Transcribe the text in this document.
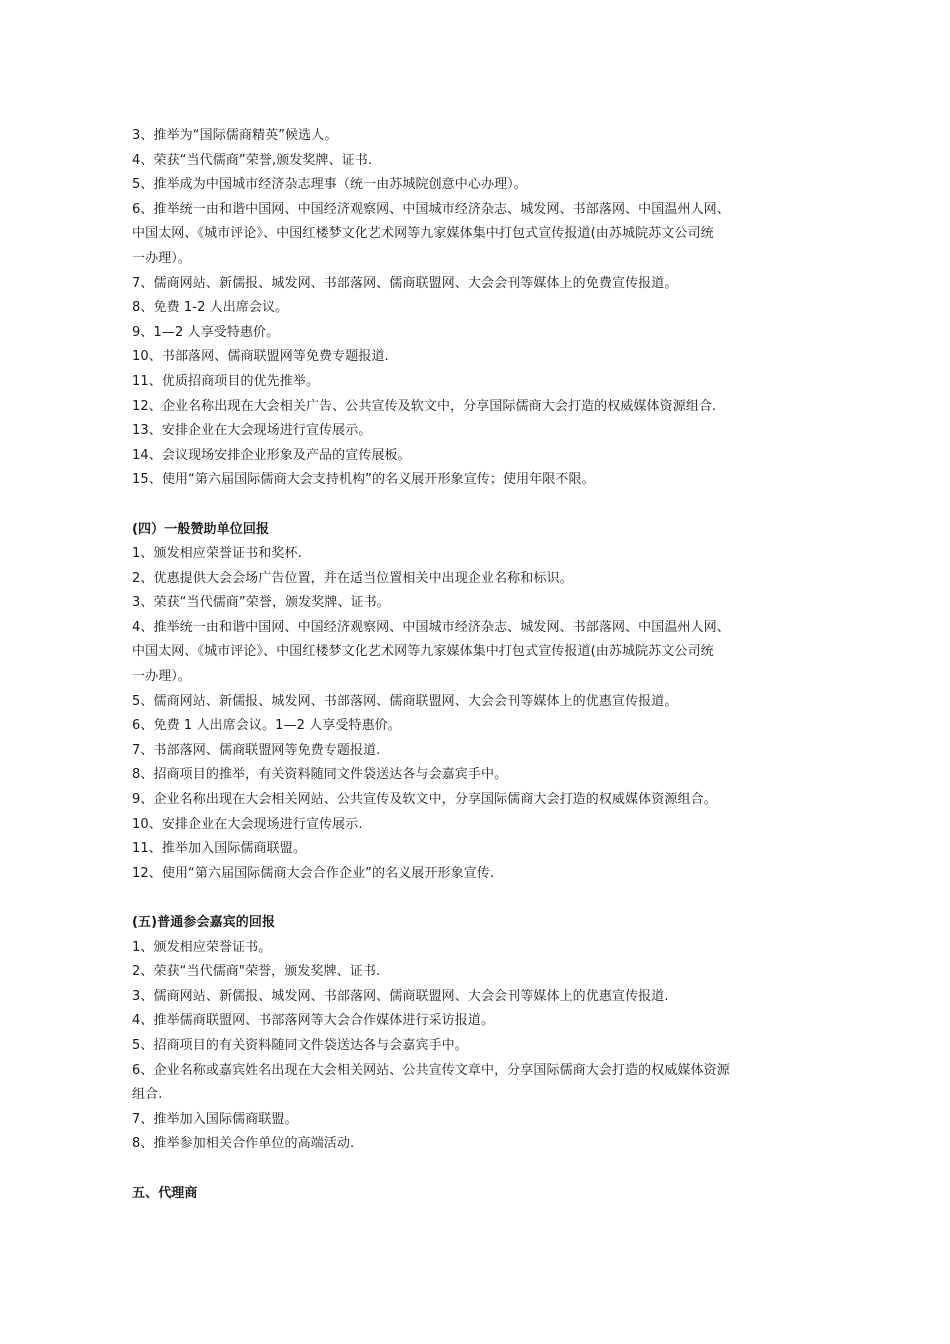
3、推举为“国际儒商精英”候选人。
4、荣获“当代儒商”荣誉,颁发奖牌、证书.
5、推举成为中国城市经济杂志理事（统一由苏城院创意中心办理）。
6、推举统一由和谐中国网、中国经济观察网、中国城市经济杂志、城发网、书部落网、中国温州人网、
中国太网、《城市评论》、中国红楼梦文化艺术网等九家媒体集中打包式宣传报道(由苏城院苏文公司统
一办理）。
7、儒商网站、新儒报、城发网、书部落网、儒商联盟网、大会会刊等媒体上的免费宣传报道。
8、免费 1-2 人出席会议。
9、1—2 人享受特惠价。
10、书部落网、儒商联盟网等免费专题报道.
11、优质招商项目的优先推举。
12、企业名称出现在大会相关广告、公共宣传及软文中，分享国际儒商大会打造的权威媒体资源组合.
13、安排企业在大会现场进行宣传展示。
14、会议现场安排企业形象及产品的宣传展板。
15、使用“第六届国际儒商大会支持机构”的名义展开形象宣传；使用年限不限。
(四）一般赞助单位回报
1、颁发相应荣誉证书和奖杯.
2、优惠提供大会会场广告位置，并在适当位置相关中出现企业名称和标识。
3、荣获“当代儒商”荣誉，颁发奖牌、证书。
4、推举统一由和谐中国网、中国经济观察网、中国城市经济杂志、城发网、书部落网、中国温州人网、
中国太网、《城市评论》、中国红楼梦文化艺术网等九家媒体集中打包式宣传报道(由苏城院苏文公司统
一办理）。
5、儒商网站、新儒报、城发网、书部落网、儒商联盟网、大会会刊等媒体上的优惠宣传报道。
6、免费 1 人出席会议。1—2 人享受特惠价。
7、书部落网、儒商联盟网等免费专题报道.
8、招商项目的推举，有关资料随同文件袋送达各与会嘉宾手中。
9、企业名称出现在大会相关网站、公共宣传及软文中，分享国际儒商大会打造的权威媒体资源组合。
10、安排企业在大会现场进行宣传展示.
11、推举加入国际儒商联盟。
12、使用“第六届国际儒商大会合作企业”的名义展开形象宣传.
(五)普通参会嘉宾的回报
1、颁发相应荣誉证书。
2、荣获“当代儒商"荣誉，颁发奖牌、证书.
3、儒商网站、新儒报、城发网、书部落网、儒商联盟网、大会会刊等媒体上的优惠宣传报道.
4、推举儒商联盟网、书部落网等大会合作媒体进行采访报道。
5、招商项目的有关资料随同文件袋送达各与会嘉宾手中。
6、企业名称或嘉宾姓名出现在大会相关网站、公共宣传文章中，分享国际儒商大会打造的权威媒体资源
组合.
7、推举加入国际儒商联盟。
8、推举参加相关合作单位的高端活动.
五、代理商
